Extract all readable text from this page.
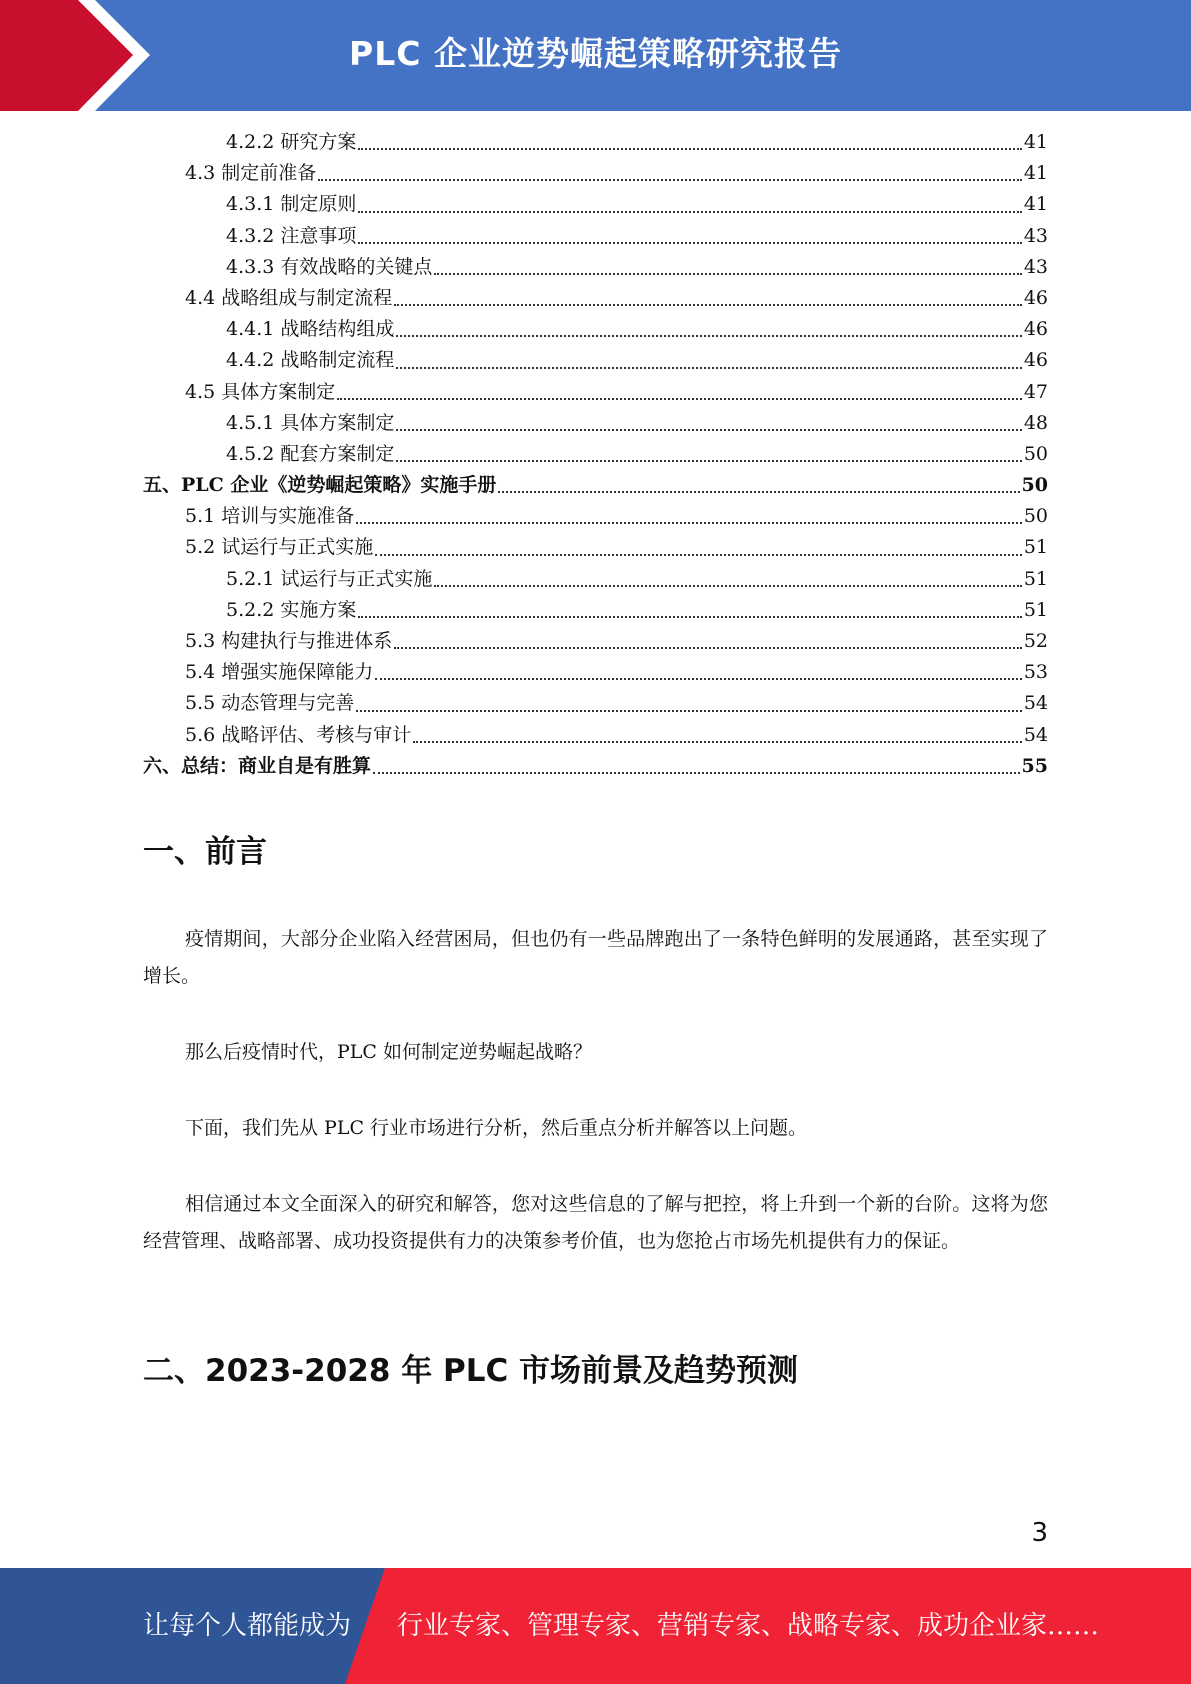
PLC 企业逆势崛起策略研究报告
4.2.2 研究方案	41
4.3 制定前准备	41
4.3.1 制定原则	41
4.3.2 注意事项	43
4.3.3 有效战略的关键点	43
4.4 战略组成与制定流程	46
4.4.1 战略结构组成	46
4.4.2 战略制定流程	46
4.5 具体方案制定	47
4.5.1 具体方案制定	48
4.5.2 配套方案制定	50
五、PLC 企业《逆势崛起策略》实施手册	50
5.1 培训与实施准备	50
5.2 试运行与正式实施	51
5.2.1 试运行与正式实施	51
5.2.2 实施方案	51
5.3 构建执行与推进体系	52
5.4 增强实施保障能力	53
5.5 动态管理与完善	54
5.6 战略评估、考核与审计	54
六、总结：商业自是有胜算	55
一、前言
疫情期间，大部分企业陷入经营困局，但也仍有一些品牌跑出了一条特色鲜明的发展通路，甚至实现了增长。
那么后疫情时代，PLC 如何制定逆势崛起战略？
下面，我们先从 PLC 行业市场进行分析，然后重点分析并解答以上问题。
相信通过本文全面深入的研究和解答，您对这些信息的了解与把控，将上升到一个新的台阶。这将为您经营管理、战略部署、成功投资提供有力的决策参考价值，也为您抢占市场先机提供有力的保证。
二、2023-2028 年 PLC 市场前景及趋势预测
3
让每个人都能成为 行业专家、管理专家、营销专家、战略专家、成功企业家……
